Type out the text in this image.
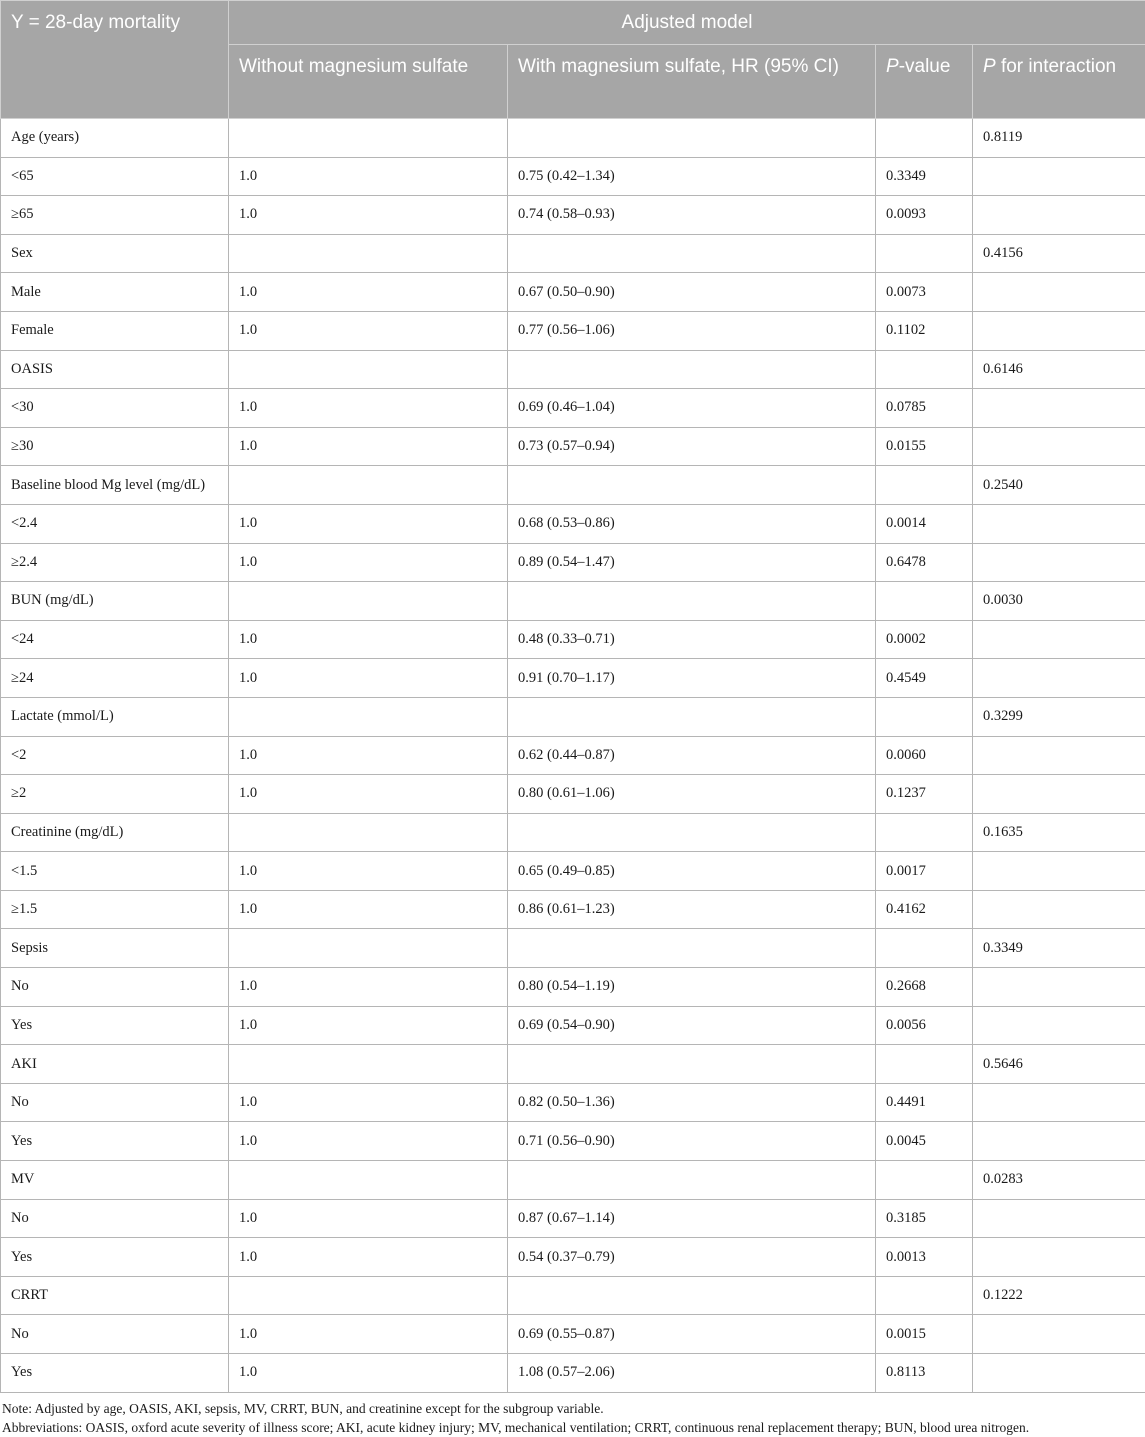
Y = 28-day mortality	Adjusted model			
	Without magnesium sulfate	With magnesium sulfate, HR (95% CI)	P-value	P for interaction
Age (years)				0.8119
<65	1.0	0.75 (0.42–1.34)	0.3349	
≥65	1.0	0.74 (0.58–0.93)	0.0093	
Sex				0.4156
Male	1.0	0.67 (0.50–0.90)	0.0073	
Female	1.0	0.77 (0.56–1.06)	0.1102	
OASIS				0.6146
<30	1.0	0.69 (0.46–1.04)	0.0785	
≥30	1.0	0.73 (0.57–0.94)	0.0155	
Baseline blood Mg level (mg/dL)				0.2540
<2.4	1.0	0.68 (0.53–0.86)	0.0014	
≥2.4	1.0	0.89 (0.54–1.47)	0.6478	
BUN (mg/dL)				0.0030
<24	1.0	0.48 (0.33–0.71)	0.0002	
≥24	1.0	0.91 (0.70–1.17)	0.4549	
Lactate (mmol/L)				0.3299
<2	1.0	0.62 (0.44–0.87)	0.0060	
≥2	1.0	0.80 (0.61–1.06)	0.1237	
Creatinine (mg/dL)				0.1635
<1.5	1.0	0.65 (0.49–0.85)	0.0017	
≥1.5	1.0	0.86 (0.61–1.23)	0.4162	
Sepsis				0.3349
No	1.0	0.80 (0.54–1.19)	0.2668	
Yes	1.0	0.69 (0.54–0.90)	0.0056	
AKI				0.5646
No	1.0	0.82 (0.50–1.36)	0.4491	
Yes	1.0	0.71 (0.56–0.90)	0.0045	
MV				0.0283
No	1.0	0.87 (0.67–1.14)	0.3185	
Yes	1.0	0.54 (0.37–0.79)	0.0013	
CRRT				0.1222
No	1.0	0.69 (0.55–0.87)	0.0015	
Yes	1.0	1.08 (0.57–2.06)	0.8113	
Note: Adjusted by age, OASIS, AKI, sepsis, MV, CRRT, BUN, and creatinine except for the subgroup variable.
Abbreviations: OASIS, oxford acute severity of illness score; AKI, acute kidney injury; MV, mechanical ventilation; CRRT, continuous renal replacement therapy; BUN, blood urea nitrogen.
